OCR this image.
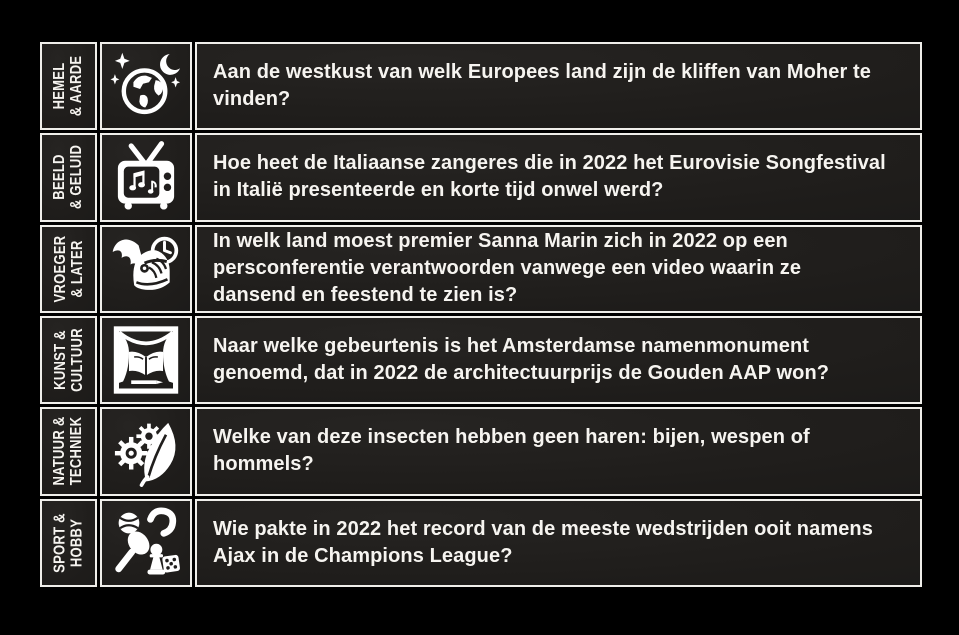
HEMEL & AARDE	Aan de westkust van welk Europees land zijn de kliffen van Moher te vinden?
BEELD & GELUID	Hoe heet de Italiaanse zangeres die in 2022 het Eurovisie Songfestival in Italië presenteerde en korte tijd onwel werd?
VROEGER & LATER	In welk land moest premier Sanna Marin zich in 2022 op een persconferentie verantwoorden vanwege een video waarin ze dansend en feestend te zien is?
KUNST & CULTUUR	Naar welke gebeurtenis is het Amsterdamse namenmonument genoemd, dat in 2022 de architectuurprijs de Gouden AAP won?
NATUUR & TECHNIEK	Welke van deze insecten hebben geen haren: bijen, wespen of hommels?
SPORT & HOBBY	Wie pakte in 2022 het record van de meeste wedstrijden ooit namens Ajax in de Champions League?
